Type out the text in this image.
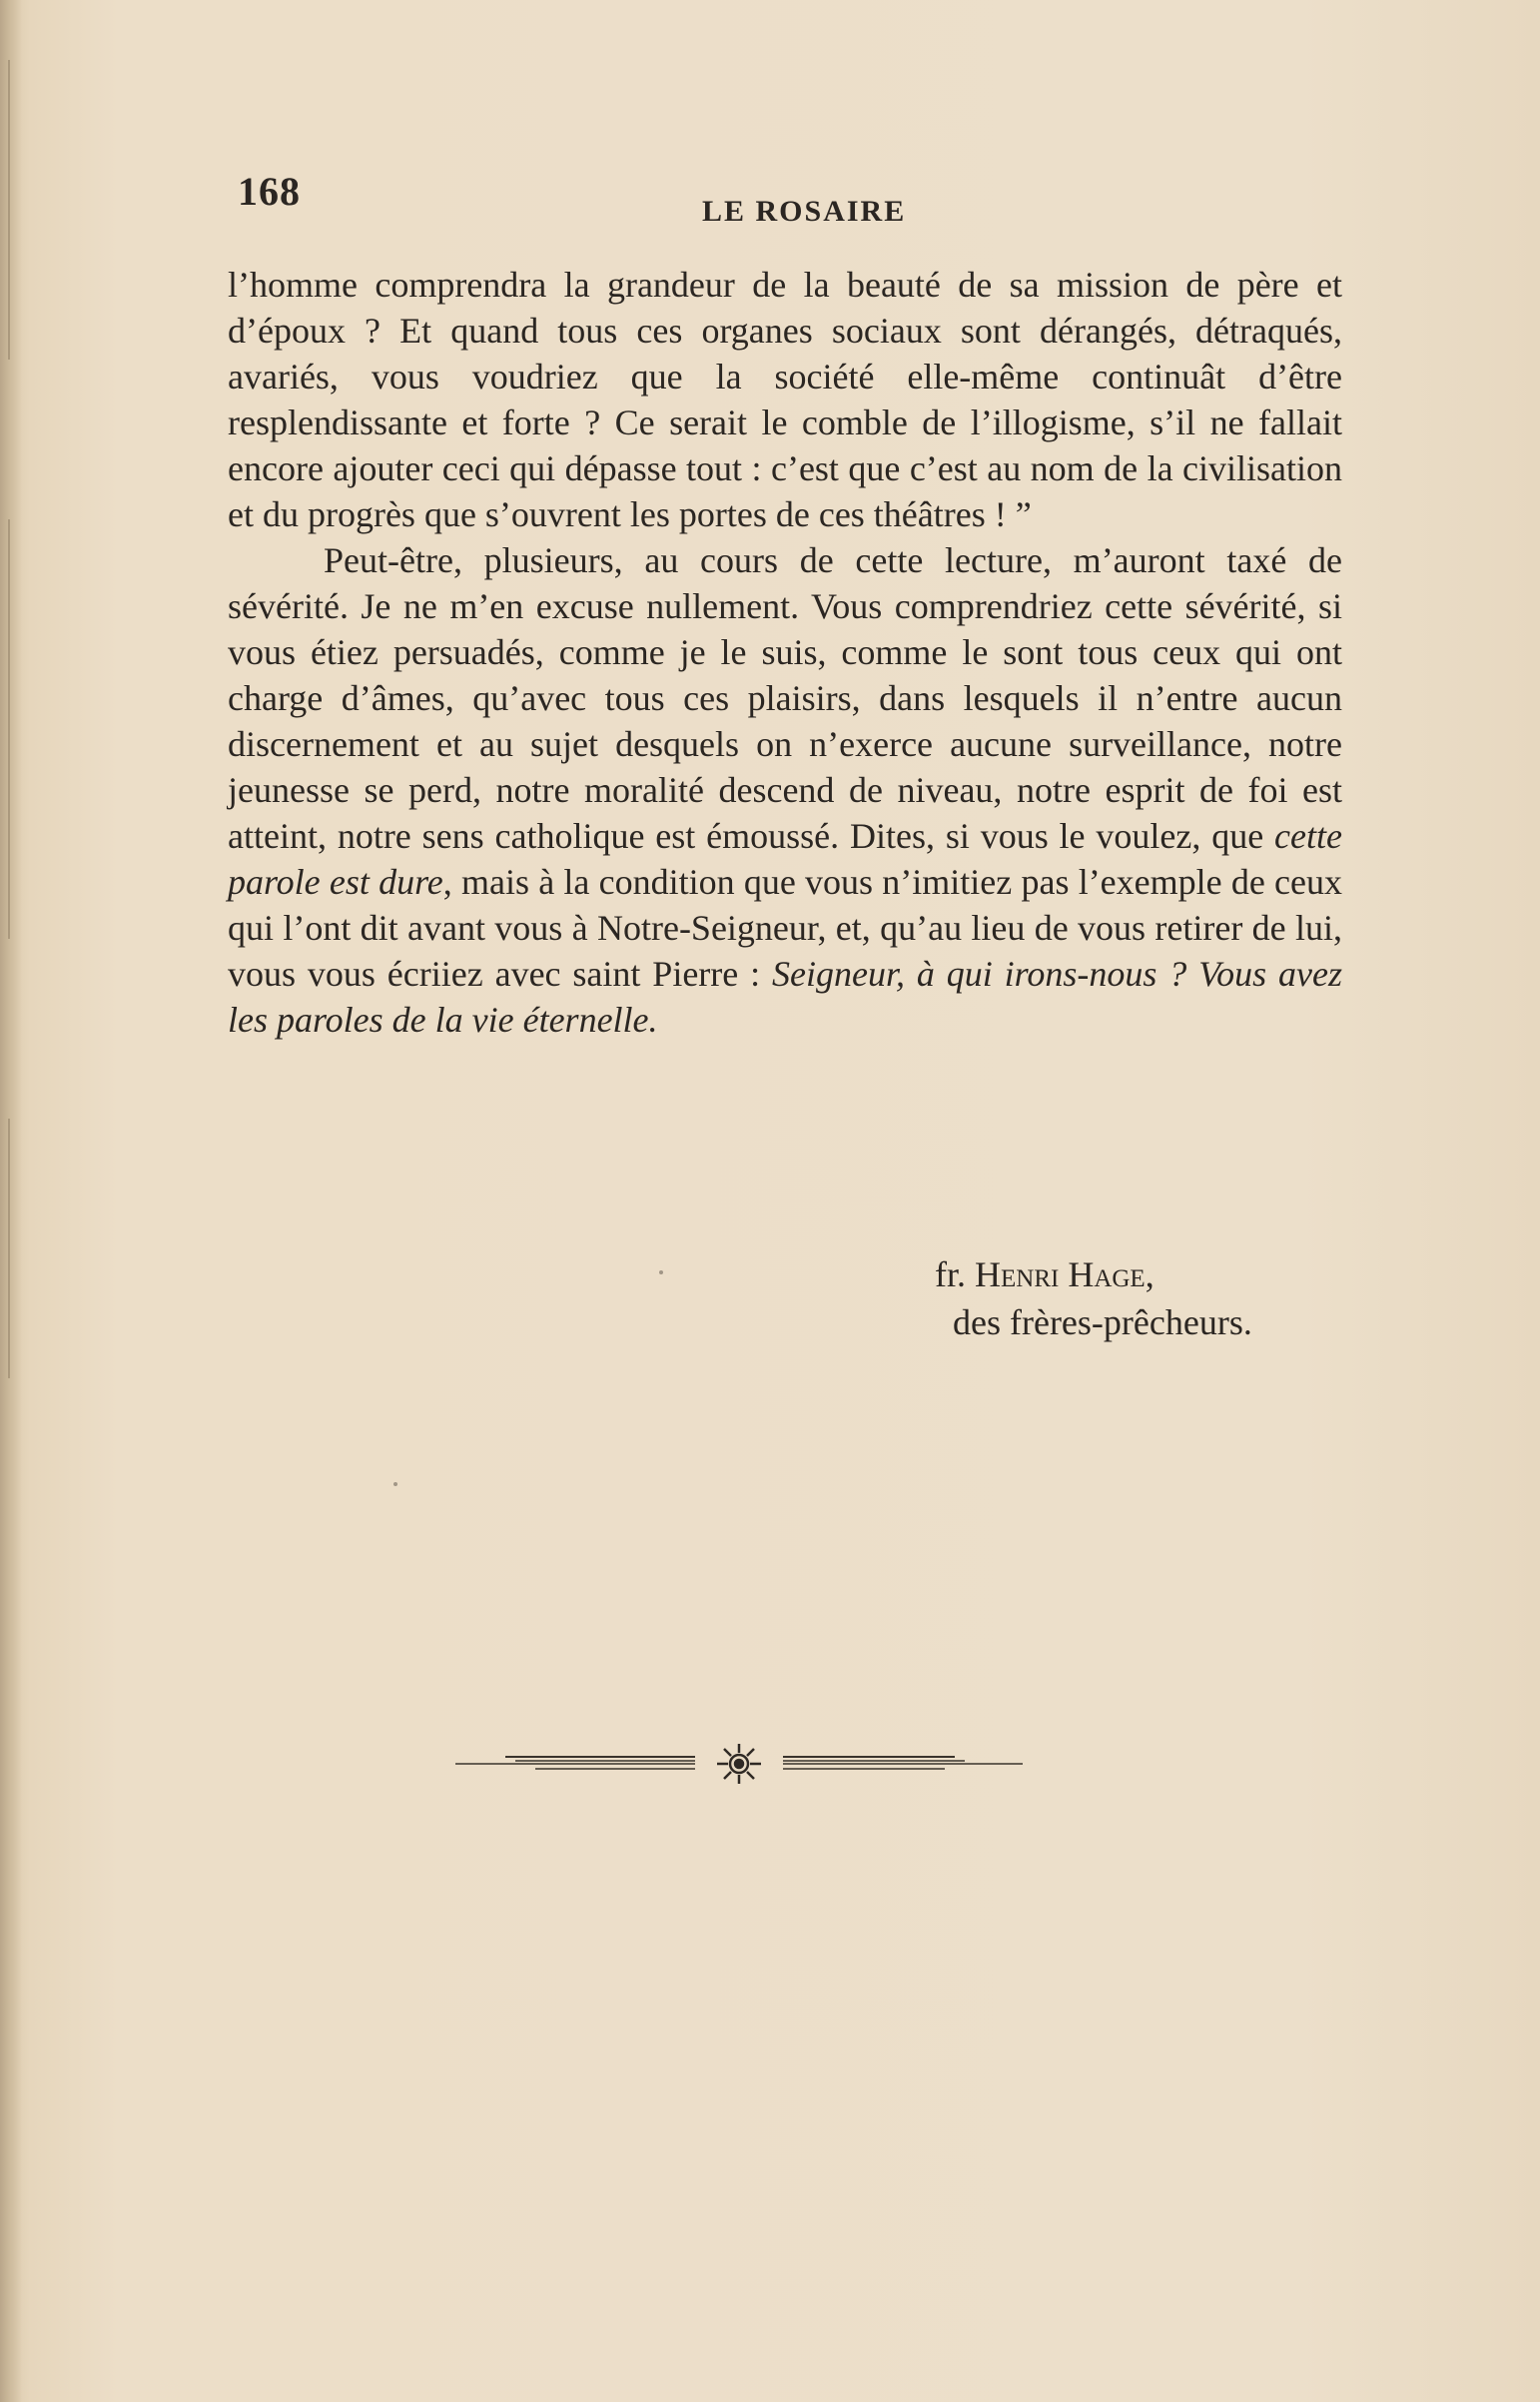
168	LE ROSAIRE

l’homme comprendra la grandeur de la beauté de sa mission de père et d’époux ? Et quand tous ces organes sociaux sont dérangés, détraqués, avariés, vous voudriez que la société elle-même continuât d’être resplendissante et forte ? Ce serait le comble de l’illogisme, s’il ne fallait encore ajouter ceci qui dépasse tout : c’est que c’est au nom de la civilisation et du progrès que s’ouvrent les portes de ces théâtres ! ”

Peut-être, plusieurs, au cours de cette lecture, m’auront taxé de sévérité. Je ne m’en excuse nullement. Vous comprendriez cette sévérité, si vous étiez persuadés, comme je le suis, comme le sont tous ceux qui ont charge d’âmes, qu’avec tous ces plaisirs, dans lesquels il n’entre aucun discernement et au sujet desquels on n’exerce aucune surveillance, notre jeunesse se perd, notre moralité descend de niveau, notre esprit de foi est atteint, notre sens catholique est émoussé. Dites, si vous le voulez, que cette parole est dure, mais à la condition que vous n’imitiez pas l’exemple de ceux qui l’ont dit avant vous à Notre-Seigneur, et, qu’au lieu de vous retirer de lui, vous vous écriiez avec saint Pierre : Seigneur, à qui irons-nous ? Vous avez les paroles de la vie éternelle.

fr. Henri Hage,
des frères-prêcheurs.
